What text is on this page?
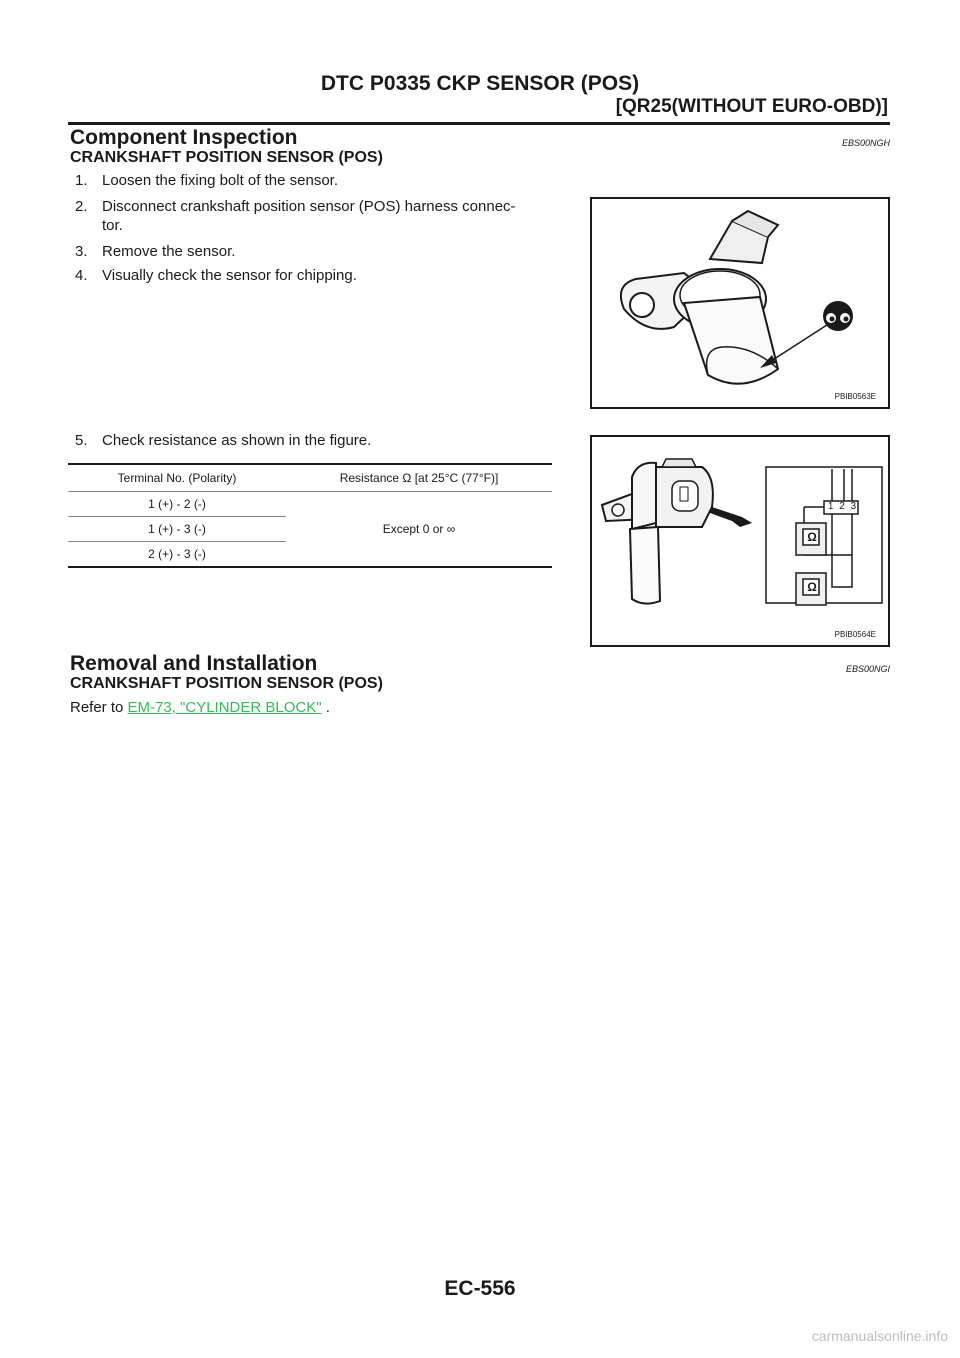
DTC P0335 CKP SENSOR (POS)
[QR25(WITHOUT EURO-OBD)]
Component Inspection	EBS00NGH
CRANKSHAFT POSITION SENSOR (POS)
1. Loosen the fixing bolt of the sensor.
2. Disconnect crankshaft position sensor (POS) harness connec-
tor.
3. Remove the sensor.
4. Visually check the sensor for chipping.
PBIB0563E
5. Check resistance as shown in the figure.
Terminal No. (Polarity)	Resistance Ω [at 25°C (77°F)]
1 (+) - 2 (-)	Except 0 or ∞
1 (+) - 3 (-)	
2 (+) - 3 (-)	
1 2 3
Ω
Ω
PBIB0564E
Removal and Installation	EBS00NGI
CRANKSHAFT POSITION SENSOR (POS)
Refer to EM-73, "CYLINDER BLOCK" .
EC-556
carmanualsonline.info
